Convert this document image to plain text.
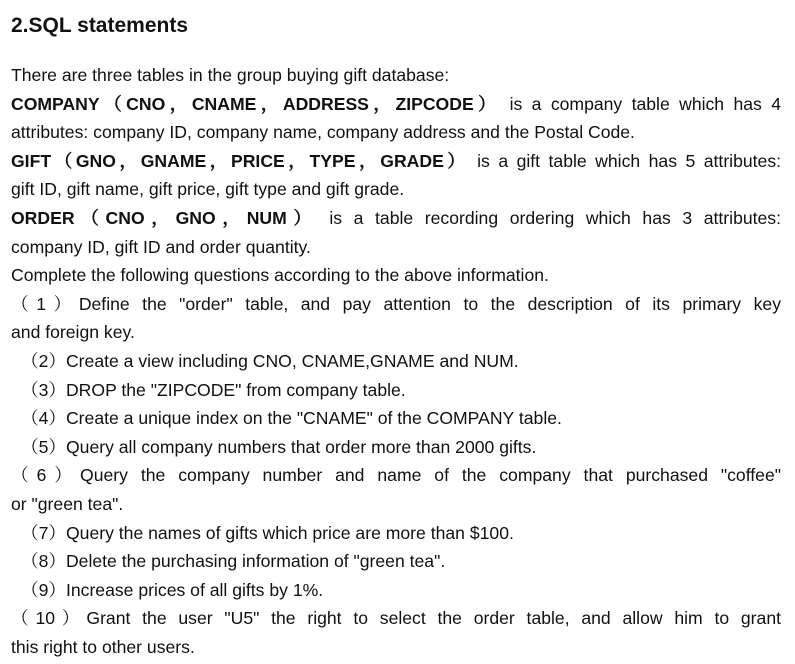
2.SQL statements
There are three tables in the group buying gift database:
COMPANY（CNO，CNAME，ADDRESS，ZIPCODE） is a company table which has 4
attributes: company ID, company name, company address and the Postal Code.
GIFT（GNO，GNAME，PRICE，TYPE，GRADE） is a gift table which has 5 attributes:
gift ID, gift name, gift price, gift type and gift grade.
ORDER（CNO，GNO，NUM） is a table recording ordering which has 3 attributes:
company ID, gift ID and order quantity.
Complete the following questions according to the above information.
（1）Define the "order" table, and pay attention to the description of its primary key
and foreign key.
（2）Create a view including CNO, CNAME,GNAME and NUM.
（3）DROP the "ZIPCODE" from company table.
（4）Create a unique index on the "CNAME" of the COMPANY table.
（5）Query all company numbers that order more than 2000 gifts.
（6）Query the company number and name of the company that purchased "coffee"
or "green tea".
（7）Query the names of gifts which price are more than $100.
（8）Delete the purchasing information of "green tea".
（9）Increase prices of all gifts by 1%.
（10）Grant the user "U5" the right to select the order table, and allow him to grant
this right to other users.
